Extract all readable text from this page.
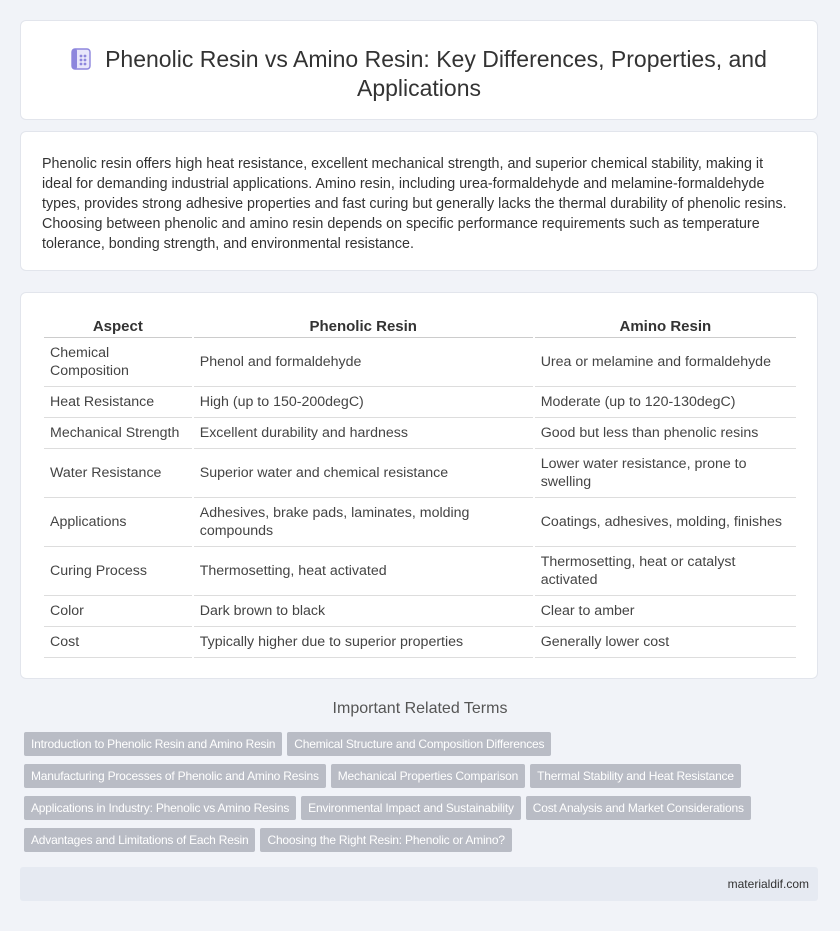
Phenolic Resin vs Amino Resin: Key Differences, Properties, and Applications

Phenolic resin offers high heat resistance, excellent mechanical strength, and superior chemical stability, making it ideal for demanding industrial applications. Amino resin, including urea-formaldehyde and melamine-formaldehyde types, provides strong adhesive properties and fast curing but generally lacks the thermal durability of phenolic resins. Choosing between phenolic and amino resin depends on specific performance requirements such as temperature tolerance, bonding strength, and environmental resistance.

Aspect	Phenolic Resin	Amino Resin
Chemical Composition	Phenol and formaldehyde	Urea or melamine and formaldehyde
Heat Resistance	High (up to 150-200degC)	Moderate (up to 120-130degC)
Mechanical Strength	Excellent durability and hardness	Good but less than phenolic resins
Water Resistance	Superior water and chemical resistance	Lower water resistance, prone to swelling
Applications	Adhesives, brake pads, laminates, molding compounds	Coatings, adhesives, molding, finishes
Curing Process	Thermosetting, heat activated	Thermosetting, heat or catalyst activated
Color	Dark brown to black	Clear to amber
Cost	Typically higher due to superior properties	Generally lower cost
Important Related Terms
Introduction to Phenolic Resin and Amino Resin Chemical Structure and Composition Differences
Manufacturing Processes of Phenolic and Amino Resins Mechanical Properties Comparison Thermal Stability and Heat Resistance
Applications in Industry: Phenolic vs Amino Resins Environmental Impact and Sustainability Cost Analysis and Market Considerations
Advantages and Limitations of Each Resin Choosing the Right Resin: Phenolic or Amino?
materialdif.com
